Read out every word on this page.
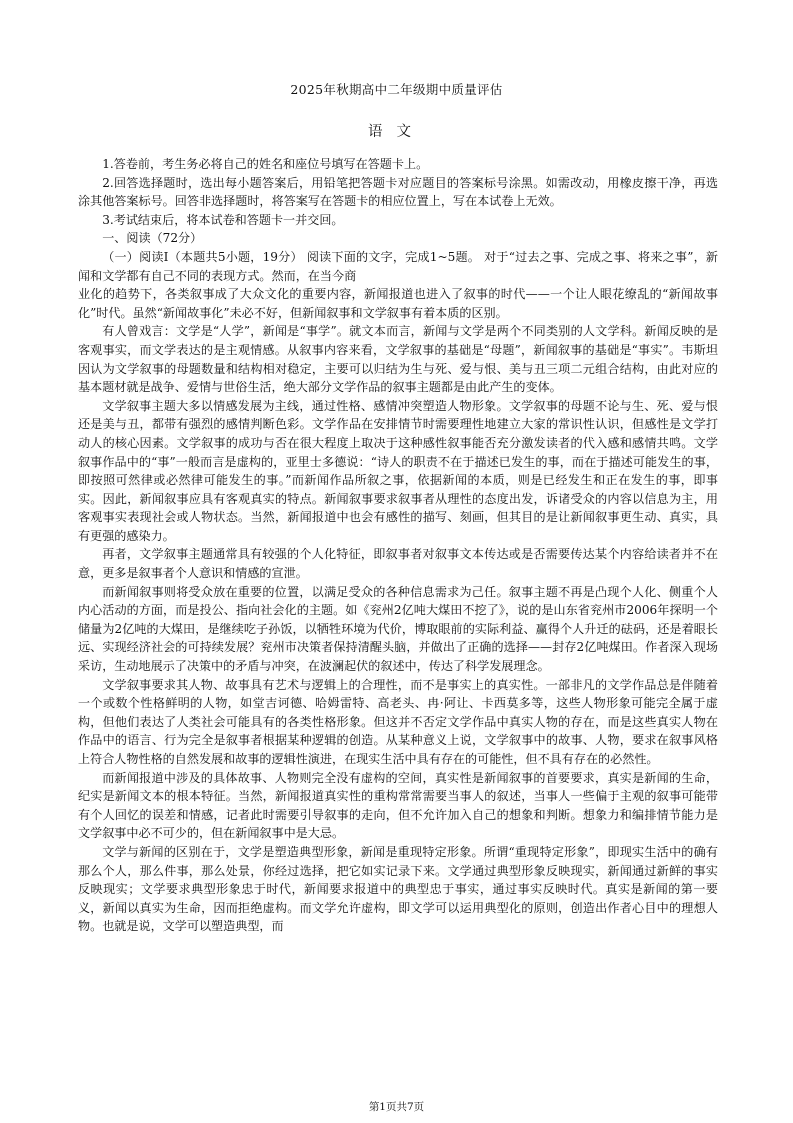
2025年秋期高中二年级期中质量评估
语文

1.答卷前，考生务必将自己的姓名和座位号填写在答题卡上。

2.回答选择题时，选出每小题答案后，用铅笔把答题卡对应题目的答案标号涂黑。如需改动，用橡皮擦干净，再选涂其他答案标号。回答非选择题时，将答案写在答题卡的相应位置上，写在本试卷上无效。

3.考试结束后，将本试卷和答题卡一并交回。

一、阅读（72分）

（一）阅读Ⅰ（本题共5小题，19分） 阅读下面的文字，完成1~5题。 对于“过去之事、完成之事、将来之事”，新闻和文学都有自己不同的表现方式。然而，在当今商

业化的趋势下，各类叙事成了大众文化的重要内容，新闻报道也进入了叙事的时代——一个让人眼花缭乱的“新闻故事化”时代。虽然“新闻故事化”未必不好，但新闻叙事和文学叙事有着本质的区别。

有人曾戏言：文学是“人学”，新闻是“事学”。就文本而言，新闻与文学是两个不同类别的人文学科。新闻反映的是客观事实，而文学表达的是主观情感。从叙事内容来看，文学叙事的基础是“母题”，新闻叙事的基础是“事实”。韦斯坦因认为文学叙事的母题数量和结构相对稳定，主要可以归结为生与死、爱与恨、美与丑三项二元组合结构，由此对应的基本题材就是战争、爱情与世俗生活，绝大部分文学作品的叙事主题都是由此产生的变体。

文学叙事主题大多以情感发展为主线，通过性格、感情冲突塑造人物形象。文学叙事的母题不论与生、死、爱与恨还是美与丑，都带有强烈的感情判断色彩。文学作品在安排情节时需要理性地建立大家的常识性认识，但感性是文学打动人的核心因素。文学叙事的成功与否在很大程度上取决于这种感性叙事能否充分激发读者的代入感和感情共鸣。文学叙事作品中的“事”一般而言是虚构的，亚里士多德说：“诗人的职责不在于描述已发生的事，而在于描述可能发生的事，即按照可然律或必然律可能发生的事。”而新闻作品所叙之事，依据新闻的本质，则是已经发生和正在发生的事，即事实。因此，新闻叙事应具有客观真实的特点。新闻叙事要求叙事者从理性的态度出发，诉诸受众的内容以信息为主，用客观事实表现社会或人物状态。当然，新闻报道中也会有感性的描写、刻画，但其目的是让新闻叙事更生动、真实，具有更强的感染力。

再者，文学叙事主题通常具有较强的个人化特征，即叙事者对叙事文本传达或是否需要传达某个内容给读者并不在意，更多是叙事者个人意识和情感的宣泄。

而新闻叙事则将受众放在重要的位置，以满足受众的各种信息需求为己任。叙事主题不再是凸现个人化、侧重个人内心活动的方面，而是投公、指向社会化的主题。如《兖州2亿吨大煤田不挖了》，说的是山东省兖州市2006年探明一个储量为2亿吨的大煤田，是继续吃子孙饭，以牺牲环境为代价，博取眼前的实际利益、赢得个人升迁的砝码，还是着眼长远、实现经济社会的可持续发展？兖州市决策者保持清醒头脑，并做出了正确的选择——封存2亿吨煤田。作者深入现场采访，生动地展示了决策中的矛盾与冲突，在波澜起伏的叙述中，传达了科学发展理念。

文学叙事要求其人物、故事具有艺术与逻辑上的合理性，而不是事实上的真实性。一部非凡的文学作品总是伴随着一个或数个性格鲜明的人物，如堂吉诃德、哈姆雷特、高老头、冉·阿让、卡西莫多等，这些人物形象可能完全属于虚构，但他们表达了人类社会可能具有的各类性格形象。但这并不否定文学作品中真实人物的存在，而是这些真实人物在作品中的语言、行为完全是叙事者根据某种逻辑的创造。从某种意义上说，文学叙事中的故事、人物，要求在叙事风格上符合人物性格的自然发展和故事的逻辑性演进，在现实生活中具有存在的可能性，但不具有存在的必然性。

而新闻报道中涉及的具体故事、人物则完全没有虚构的空间，真实性是新闻叙事的首要要求，真实是新闻的生命，纪实是新闻文本的根本特征。当然，新闻报道真实性的重构常常需要当事人的叙述，当事人一些偏于主观的叙事可能带有个人回忆的误差和情感，记者此时需要引导叙事的走向，但不允许加入自己的想象和判断。想象力和编排情节能力是文学叙事中必不可少的，但在新闻叙事中是大忌。

文学与新闻的区别在于，文学是塑造典型形象，新闻是重现特定形象。所谓“重现特定形象”，即现实生活中的确有那么个人，那么件事，那么处景，你经过选择，把它如实记录下来。文学通过典型形象反映现实，新闻通过新鲜的事实反映现实；文学要求典型形象忠于时代，新闻要求报道中的典型忠于事实，通过事实反映时代。真实是新闻的第一要义，新闻以真实为生命，因而拒绝虚构。而文学允许虚构，即文学可以运用典型化的原则，创造出作者心目中的理想人物。也就是说，文学可以塑造典型，而

第1页共7页
